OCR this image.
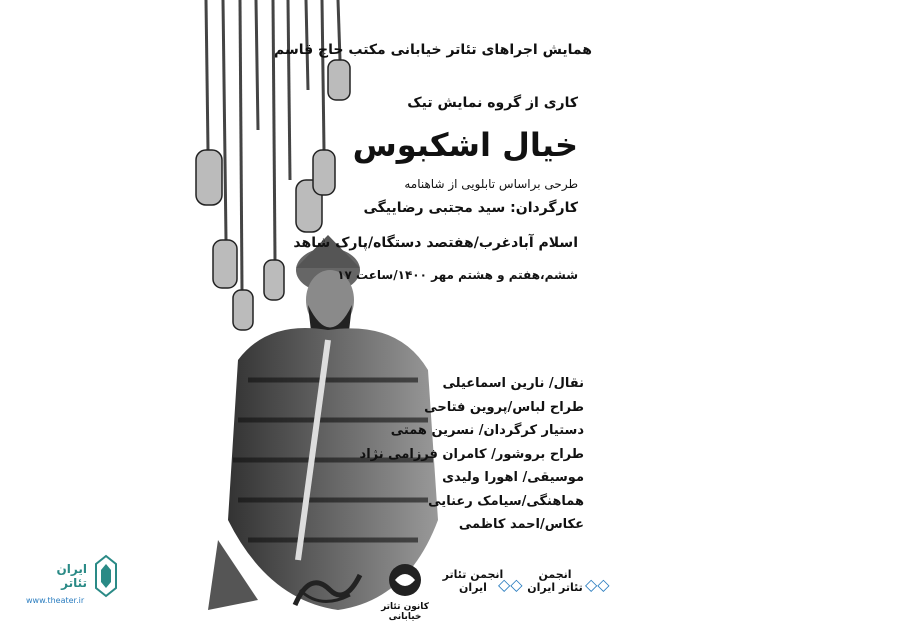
همایش اجراهای تئاتر خیابانی مکتب حاج قاسم
کاری از گروه نمایش تیک
خیال اشکبوس
طرحی براساس تابلویی از شاهنامه
کارگردان: سید مجتبی رضاییگی
اسلام آبادغرب/هفتصد دستگاه/پارک شاهد
ششم،هفتم و هشتم مهر ۱۴۰۰/ساعت ۱۷
نقال/ نارین اسماعیلی
طراح لباس/پروین فتاحی
دستیار کرگردان/ نسرین همتی
طراح بروشور/ کامران فرزامی نژاد
موسیقی/ اهورا ولیدی
هماهنگی/سیامک رعنایی
عکاس/احمد کاظمی
کانون تئاتر خیابانی
انجمن تئاتر ایران ◇◇
انجمن تئاتر ایران ◇◇
ایران تئاتر
www.theater.ir
